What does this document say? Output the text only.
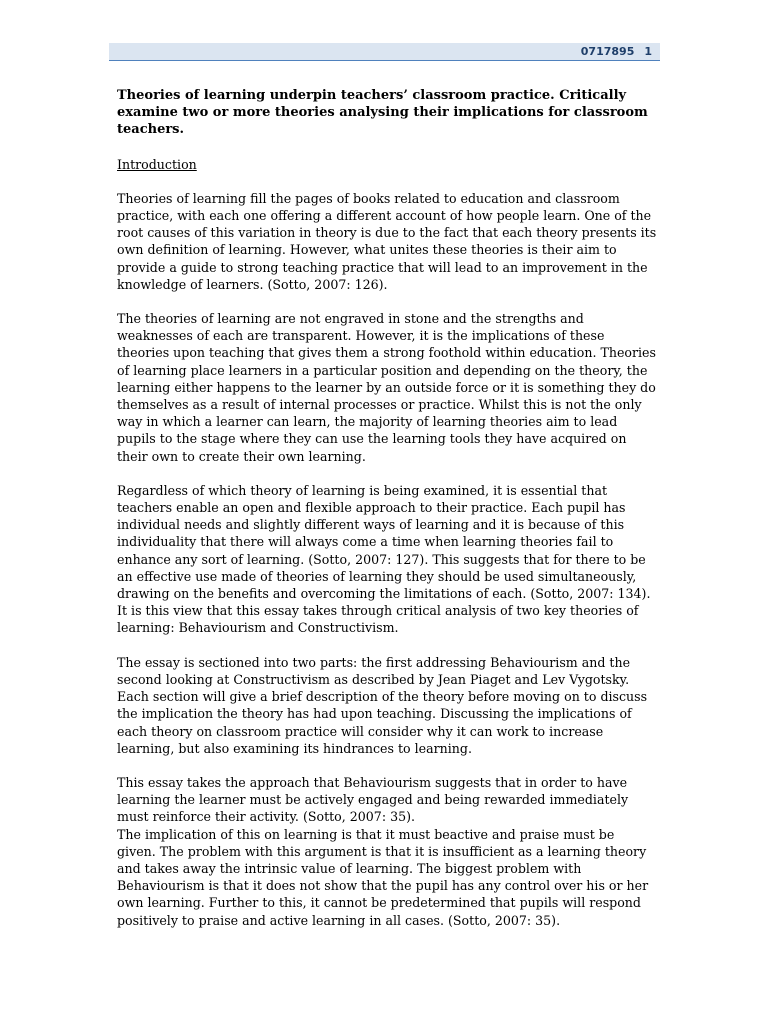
0717895 1
Theories of learning underpin teachers’ classroom practice. Critically examine two or more theories analysing their implications for classroom teachers.
Introduction
Theories of learning fill the pages of books related to education and classroom practice, with each one offering a different account of how people learn. One of the root causes of this variation in theory is due to the fact that each theory presents its own definition of learning. However, what unites these theories is their aim to provide a guide to strong teaching practice that will lead to an improvement in the knowledge of learners. (Sotto, 2007: 126).
The theories of learning are not engraved in stone and the strengths and weaknesses of each are transparent. However, it is the implications of these theories upon teaching that gives them a strong foothold within education. Theories of learning place learners in a particular position and depending on the theory, the learning either happens to the learner by an outside force or it is something they do themselves as a result of internal processes or practice. Whilst this is not the only way in which a learner can learn, the majority of learning theories aim to lead pupils to the stage where they can use the learning tools they have acquired on their own to create their own learning.
Regardless of which theory of learning is being examined, it is essential that teachers enable an open and flexible approach to their practice. Each pupil has individual needs and slightly different ways of learning and it is because of this individuality that there will always come a time when learning theories fail to enhance any sort of learning. (Sotto, 2007: 127). This suggests that for there to be an effective use made of theories of learning they should be used simultaneously, drawing on the benefits and overcoming the limitations of each. (Sotto, 2007: 134). It is this view that this essay takes through critical analysis of two key theories of learning: Behaviourism and Constructivism.
The essay is sectioned into two parts: the first addressing Behaviourism and the second looking at Constructivism as described by Jean Piaget and Lev Vygotsky. Each section will give a brief description of the theory before moving on to discuss the implication the theory has had upon teaching. Discussing the implications of each theory on classroom practice will consider why it can work to increase learning, but also examining its hindrances to learning.
This essay takes the approach that Behaviourism suggests that in order to have learning the learner must be actively engaged and being rewarded immediately must reinforce their activity. (Sotto, 2007: 35).
The implication of this on learning is that it must beactive and praise must be given. The problem with this argument is that it is insufficient as a learning theory and takes away the intrinsic value of learning. The biggest problem with Behaviourism is that it does not show that the pupil has any control over his or her own learning. Further to this, it cannot be predetermined that pupils will respond positively to praise and active learning in all cases. (Sotto, 2007: 35).
